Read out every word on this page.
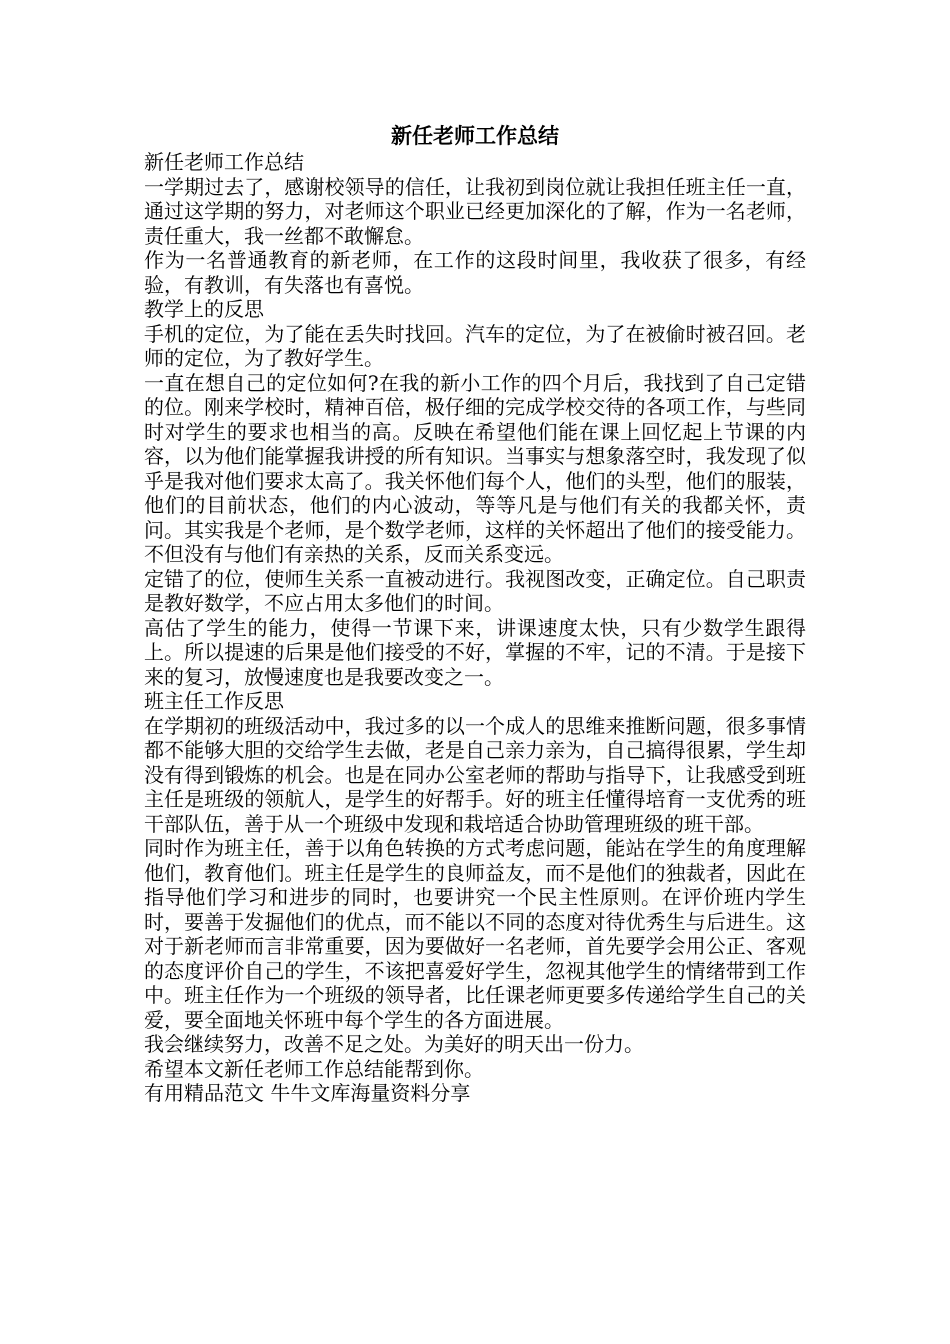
新任老师工作总结

新任老师工作总结

一学期过去了，感谢校领导的信任，让我初到岗位就让我担任班主任一直，通过这学期的努力，对老师这个职业已经更加深化的了解，作为一名老师，责任重大，我一丝都不敢懈怠。

作为一名普通教育的新老师，在工作的这段时间里，我收获了很多，有经验，有教训，有失落也有喜悦。

教学上的反思

手机的定位，为了能在丢失时找回。汽车的定位，为了在被偷时被召回。老师的定位，为了教好学生。

一直在想自己的定位如何?在我的新小工作的四个月后，我找到了自己定错的位。刚来学校时，精神百倍，极仔细的完成学校交待的各项工作，与些同时对学生的要求也相当的高。反映在希望他们能在课上回忆起上节课的内容，以为他们能掌握我讲授的所有知识。当事实与想象落空时，我发现了似乎是我对他们要求太高了。我关怀他们每个人，他们的头型，他们的服装，他们的目前状态，他们的内心波动，等等凡是与他们有关的我都关怀，责问。其实我是个老师，是个数学老师，这样的关怀超出了他们的接受能力。不但没有与他们有亲热的关系，反而关系变远。

定错了的位，使师生关系一直被动进行。我视图改变，正确定位。自己职责是教好数学，不应占用太多他们的时间。

高估了学生的能力，使得一节课下来，讲课速度太快，只有少数学生跟得上。所以提速的后果是他们接受的不好，掌握的不牢，记的不清。于是接下来的复习，放慢速度也是我要改变之一。

班主任工作反思

在学期初的班级活动中，我过多的以一个成人的思维来推断问题，很多事情都不能够大胆的交给学生去做，老是自己亲力亲为，自己搞得很累，学生却没有得到锻炼的机会。也是在同办公室老师的帮助与指导下，让我感受到班主任是班级的领航人，是学生的好帮手。好的班主任懂得培育一支优秀的班干部队伍，善于从一个班级中发现和栽培适合协助管理班级的班干部。

同时作为班主任，善于以角色转换的方式考虑问题，能站在学生的角度理解他们，教育他们。班主任是学生的良师益友，而不是他们的独裁者，因此在指导他们学习和进步的同时，也要讲究一个民主性原则。在评价班内学生时，要善于发掘他们的优点，而不能以不同的态度对待优秀生与后进生。这对于新老师而言非常重要，因为要做好一名老师，首先要学会用公正、客观的态度评价自己的学生，不该把喜爱好学生，忽视其他学生的情绪带到工作中。班主任作为一个班级的领导者，比任课老师更要多传递给学生自己的关爱，要全面地关怀班中每个学生的各方面进展。

我会继续努力，改善不足之处。为美好的明天出一份力。

希望本文新任老师工作总结能帮到你。

有用精品范文 牛牛文库海量资料分享
